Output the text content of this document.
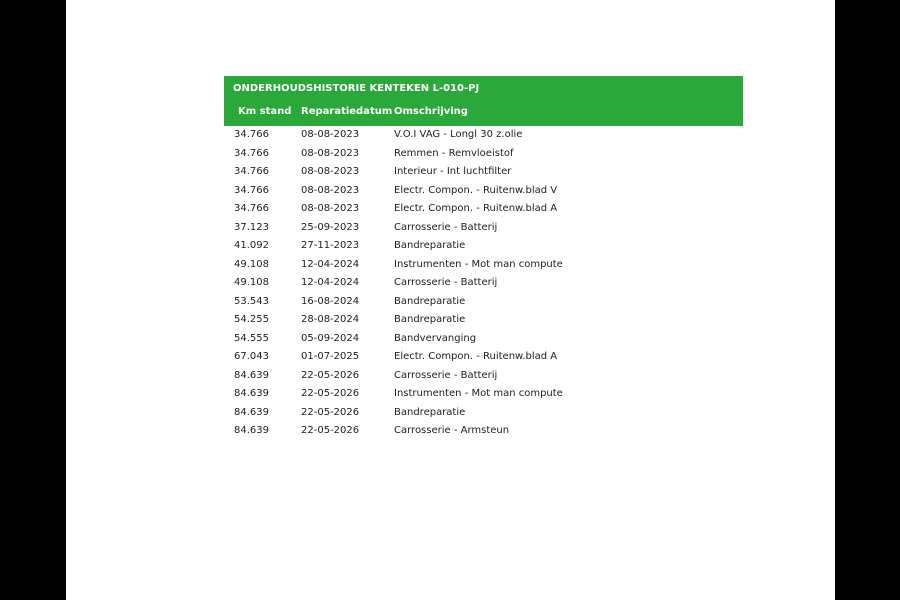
ONDERHOUDSHISTORIE KENTEKEN L-010-PJ
Km stand Reparatiedatum Omschrijving
34.766	08-08-2023	V.O.I VAG - Longl 30 z.olie
34.766	08-08-2023	Remmen - Remvloeistof
34.766	08-08-2023	Interieur - Int luchtfilter
34.766	08-08-2023	Electr. Compon. - Ruitenw.blad V
34.766	08-08-2023	Electr. Compon. - Ruitenw.blad A
37.123	25-09-2023	Carrosserie - Batterij
41.092	27-11-2023	Bandreparatie
49.108	12-04-2024	Instrumenten - Mot man compute
49.108	12-04-2024	Carrosserie - Batterij
53.543	16-08-2024	Bandreparatie
54.255	28-08-2024	Bandreparatie
54.555	05-09-2024	Bandvervanging
67.043	01-07-2025	Electr. Compon. - Ruitenw.blad A
84.639	22-05-2026	Carrosserie - Batterij
84.639	22-05-2026	Instrumenten - Mot man compute
84.639	22-05-2026	Bandreparatie
84.639	22-05-2026	Carrosserie - Armsteun
